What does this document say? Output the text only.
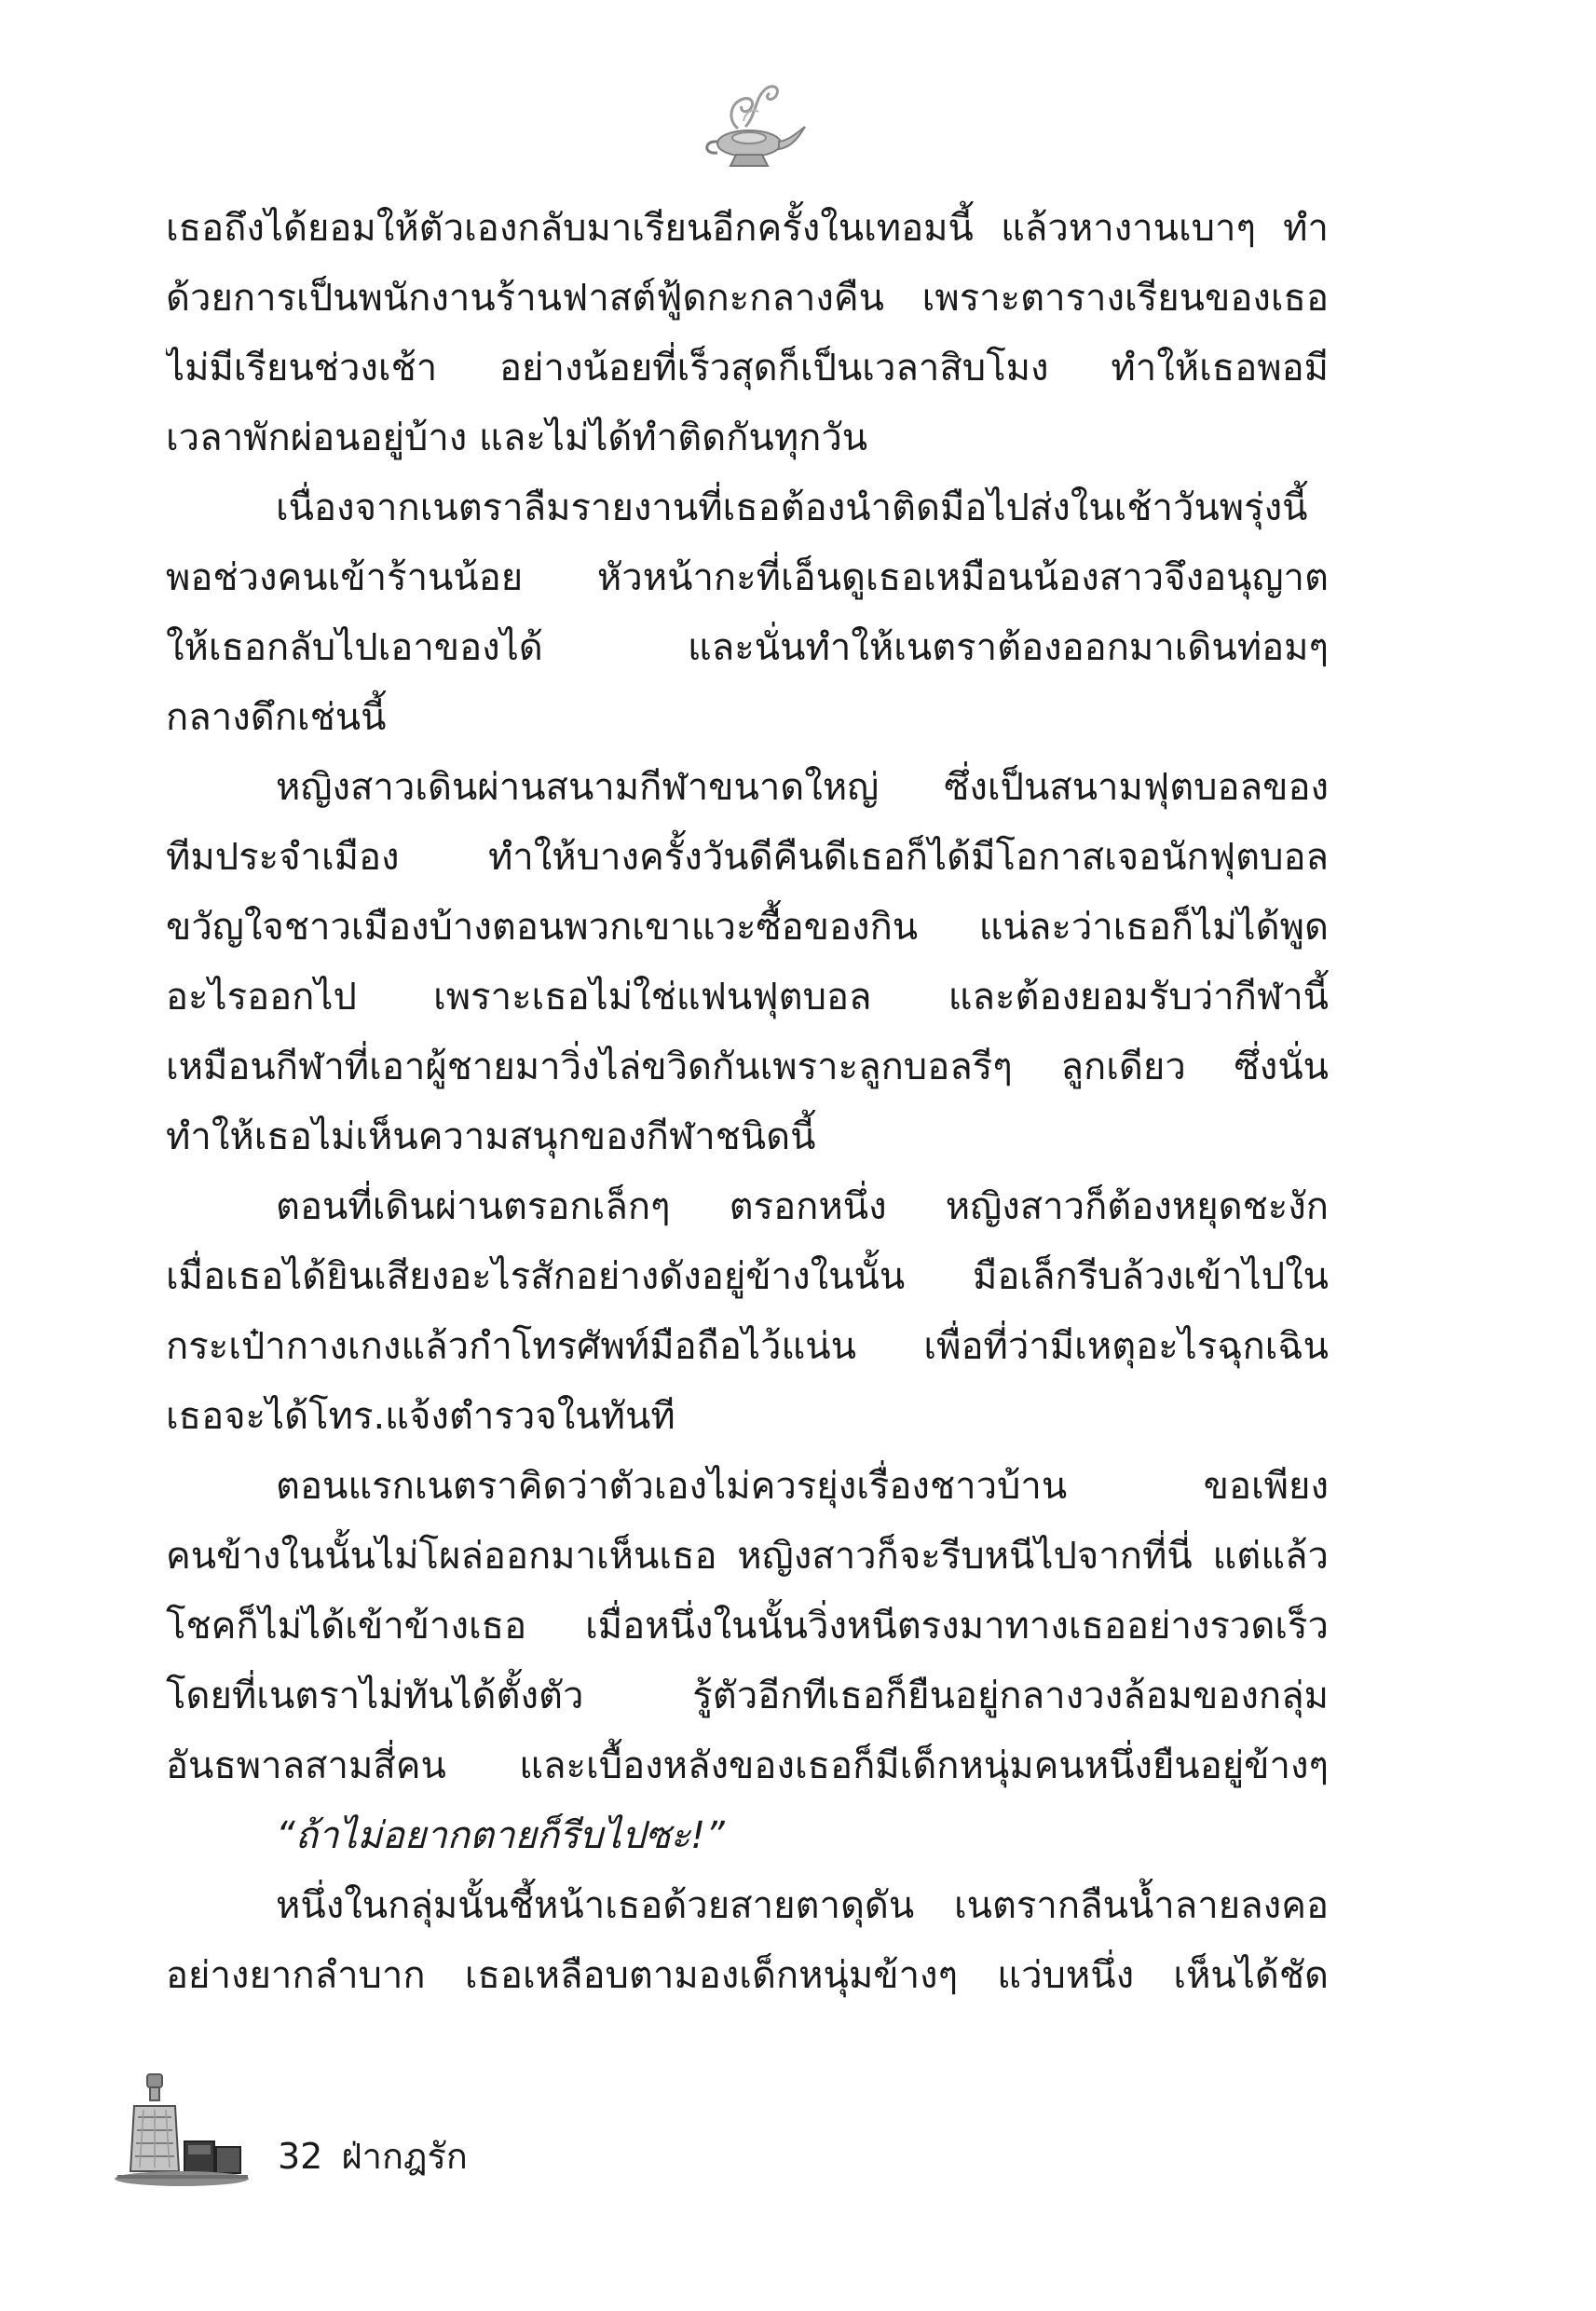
เธอถึงได้ยอมให้ตัวเองกลับมาเรียนอีกครั้งในเทอมนี้ แล้วหางานเบาๆ ทำ
ด้วยการเป็นพนักงานร้านฟาสต์ฟู้ดกะกลางคืน เพราะตารางเรียนของเธอ
ไม่มีเรียนช่วงเช้า อย่างน้อยที่เร็วสุดก็เป็นเวลาสิบโมง ทำให้เธอพอมี
เวลาพักผ่อนอยู่บ้าง และไม่ได้ทำติดกันทุกวัน
เนื่องจากเนตราลืมรายงานที่เธอต้องนำติดมือไปส่งในเช้าวันพรุ่งนี้
พอช่วงคนเข้าร้านน้อย หัวหน้ากะที่เอ็นดูเธอเหมือนน้องสาวจึงอนุญาต
ให้เธอกลับไปเอาของได้ และนั่นทำให้เนตราต้องออกมาเดินท่อมๆ
กลางดึกเช่นนี้
หญิงสาวเดินผ่านสนามกีฬาขนาดใหญ่ ซึ่งเป็นสนามฟุตบอลของ
ทีมประจำเมือง ทำให้บางครั้งวันดีคืนดีเธอก็ได้มีโอกาสเจอนักฟุตบอล
ขวัญใจชาวเมืองบ้างตอนพวกเขาแวะซื้อของกิน แน่ละว่าเธอก็ไม่ได้พูด
อะไรออกไป เพราะเธอไม่ใช่แฟนฟุตบอล และต้องยอมรับว่ากีฬานี้
เหมือนกีฬาที่เอาผู้ชายมาวิ่งไล่ขวิดกันเพราะลูกบอลรีๆ ลูกเดียว ซึ่งนั่น
ทำให้เธอไม่เห็นความสนุกของกีฬาชนิดนี้
ตอนที่เดินผ่านตรอกเล็กๆ ตรอกหนึ่ง หญิงสาวก็ต้องหยุดชะงัก
เมื่อเธอได้ยินเสียงอะไรสักอย่างดังอยู่ข้างในนั้น มือเล็กรีบล้วงเข้าไปใน
กระเป๋ากางเกงแล้วกำโทรศัพท์มือถือไว้แน่น เพื่อที่ว่ามีเหตุอะไรฉุกเฉิน
เธอจะได้โทร.แจ้งตำรวจในทันที
ตอนแรกเนตราคิดว่าตัวเองไม่ควรยุ่งเรื่องชาวบ้าน ขอเพียง
คนข้างในนั้นไม่โผล่ออกมาเห็นเธอ หญิงสาวก็จะรีบหนีไปจากที่นี่ แต่แล้ว
โชคก็ไม่ได้เข้าข้างเธอ เมื่อหนึ่งในนั้นวิ่งหนีตรงมาทางเธออย่างรวดเร็ว
โดยที่เนตราไม่ทันได้ตั้งตัว รู้ตัวอีกทีเธอก็ยืนอยู่กลางวงล้อมของกลุ่ม
อันธพาลสามสี่คน และเบื้องหลังของเธอก็มีเด็กหนุ่มคนหนึ่งยืนอยู่ข้างๆ
“ถ้าไม่อยากตายก็รีบไปซะ!”
หนึ่งในกลุ่มนั้นชี้หน้าเธอด้วยสายตาดุดัน เนตรากลืนน้ำลายลงคอ
อย่างยากลำบาก เธอเหลือบตามองเด็กหนุ่มข้างๆ แว่บหนึ่ง เห็นได้ชัด
32 ฝ่ากฎรัก
